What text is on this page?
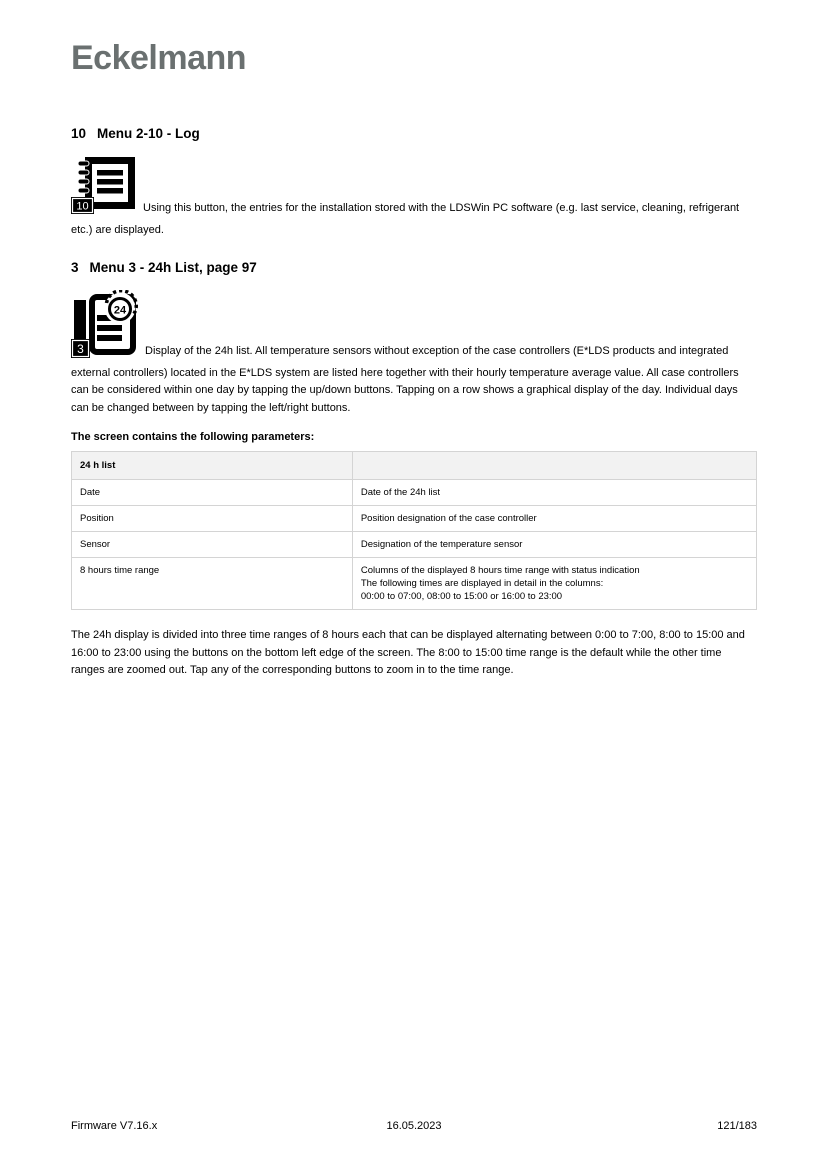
Eckelmann
10 Menu 2-10 - Log

10	Using this button, the entries for the installation stored with the LDSWin PC software (e.g. last service, cleaning, refrigerant etc.) are displayed.

3 Menu 3 - 24h List, page 97

24
3	Display of the 24h list. All temperature sensors without exception of the case controllers (E*LDS products and integrated external controllers) located in the E*LDS system are listed here together with their hourly temperature average value. All case controllers can be considered within one day by tapping the up/down buttons. Tapping on a row shows a graphical display of the day. Individual days can be changed between by tapping the left/right buttons.

The screen contains the following parameters:
24 h list	
Date	Date of the 24h list
Position	Position designation of the case controller
Sensor	Designation of the temperature sensor
8 hours time range	Columns of the displayed 8 hours time range with status indication
The following times are displayed in detail in the columns:
00:00 to 07:00, 08:00 to 15:00 or 16:00 to 23:00

The 24h display is divided into three time ranges of 8 hours each that can be displayed alternating between 0:00 to 7:00, 8:00 to 15:00 and 16:00 to 23:00 using the buttons on the bottom left edge of the screen. The 8:00 to 15:00 time range is the default while the other time ranges are zoomed out. Tap any of the corresponding buttons to zoom in to the time range.

Firmware V7.16.x	16.05.2023	121/183
